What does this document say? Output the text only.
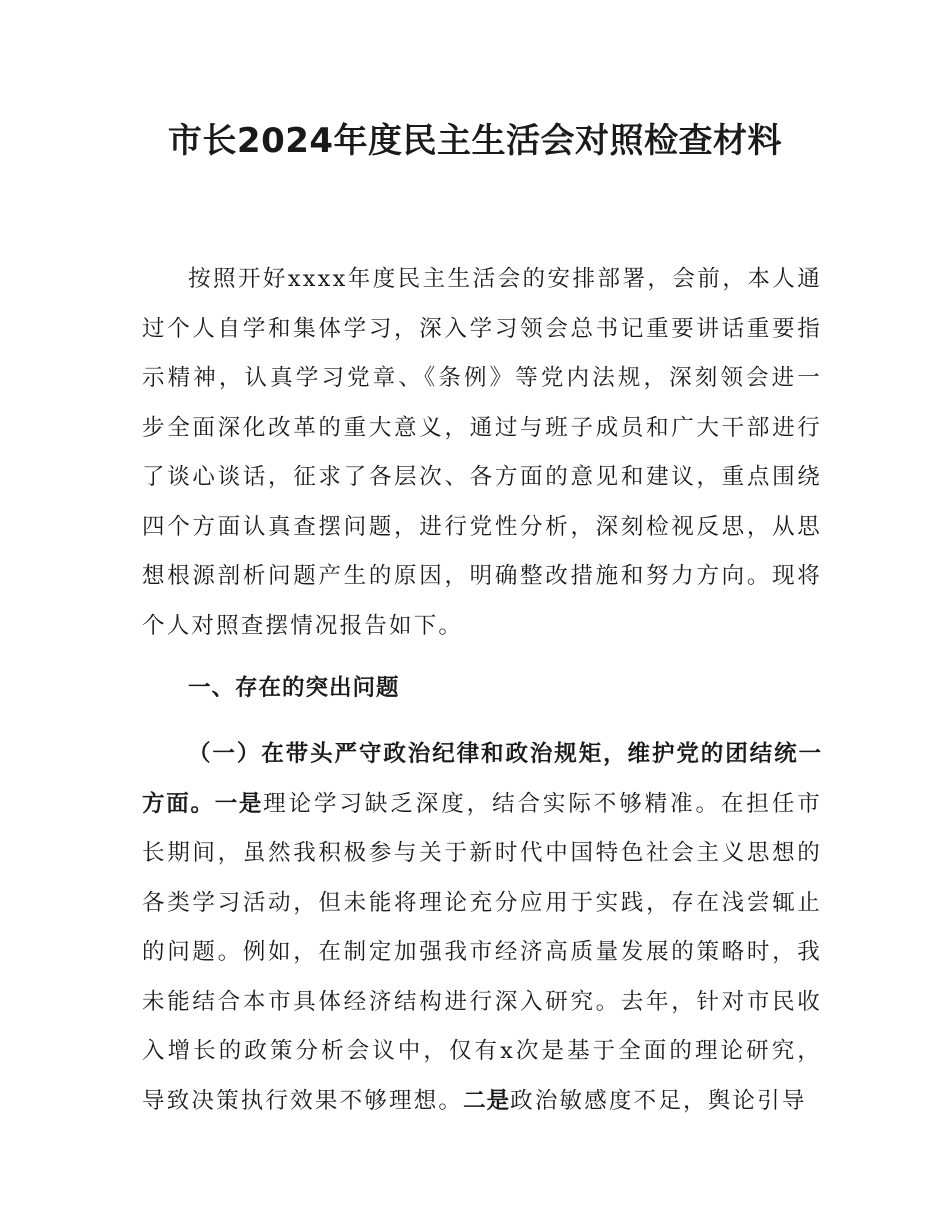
市长2024年度民主生活会对照检查材料

按照开好xxxx年度民主生活会的安排部署，会前，本人通过个人自学和集体学习，深入学习领会总书记重要讲话重要指示精神，认真学习党章、《条例》等党内法规，深刻领会进一步全面深化改革的重大意义，通过与班子成员和广大干部进行了谈心谈话，征求了各层次、各方面的意见和建议，重点围绕四个方面认真查摆问题，进行党性分析，深刻检视反思，从思想根源剖析问题产生的原因，明确整改措施和努力方向。现将个人对照查摆情况报告如下。

一、存在的突出问题

（一）在带头严守政治纪律和政治规矩，维护党的团结统一方面。一是理论学习缺乏深度，结合实际不够精准。在担任市长期间，虽然我积极参与关于新时代中国特色社会主义思想的各类学习活动，但未能将理论充分应用于实践，存在浅尝辄止的问题。例如，在制定加强我市经济高质量发展的策略时，我未能结合本市具体经济结构进行深入研究。去年，针对市民收入增长的政策分析会议中，仅有x次是基于全面的理论研究，导致决策执行效果不够理想。二是政治敏感度不足，舆论引导
